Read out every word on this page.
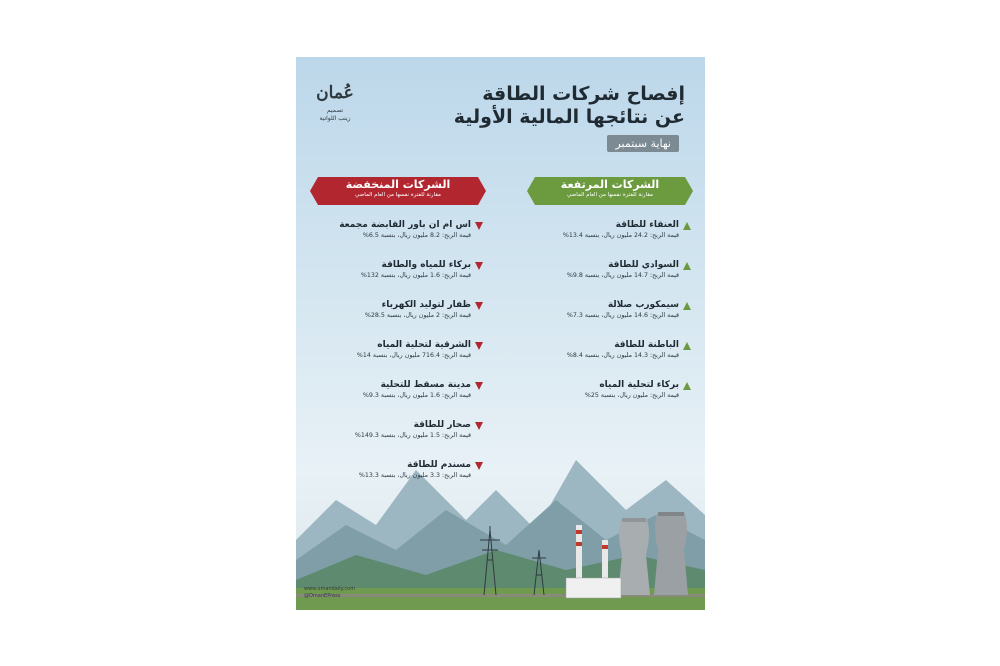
عُمان
تصميم
زينب اللواتية
إفصاح شركات الطاقة
عن نتائجها المالية الأولية
نهاية سبتمبر
الشركات المرتفعة
مقارنة للفترة نفسها من العام الماضي
الشركات المنخفضة
مقارنة للفترة نفسها من العام الماضي
العنقاء للطاقة
قيمة الربح: 24.2 مليون ريال، بنسبة 13.4%
السوادي للطاقة
قيمة الربح: 14.7 مليون ريال، بنسبة 9.8%
سيمكورب صلالة
قيمة الربح: 14.6 مليون ريال، بنسبة 7.3%
الباطنة للطاقة
قيمة الربح: 14.3 مليون ريال، بنسبة 8.4%
بركاء لتحلية المياه
قيمة الربح: مليون ريال، بنسبة 25%
اس ام ان باور القابضة مجمعة
قيمة الربح: 8.2 مليون ريال، بنسبة 6.5%
بركاء للمياه والطاقة
قيمة الربح: 1.6 مليون ريال، بنسبة 132%
ظفار لتوليد الكهرباء
قيمة الربح: 2 مليون ريال، بنسبة 28.5%
الشرقية لتحلية المياه
قيمة الربح: 716.4 مليون ريال، بنسبة 14%
مدينة مسقط للتحلية
قيمة الربح: 1.6 مليون ريال، بنسبة 9.3%
صحار للطاقة
قيمة الربح: 1.5 مليون ريال، بنسبة 149.3%
مسندم للطاقة
قيمة الربح: 3.3 مليون ريال، بنسبة 13.3%
www.omandaily.com
@OmanEPress
